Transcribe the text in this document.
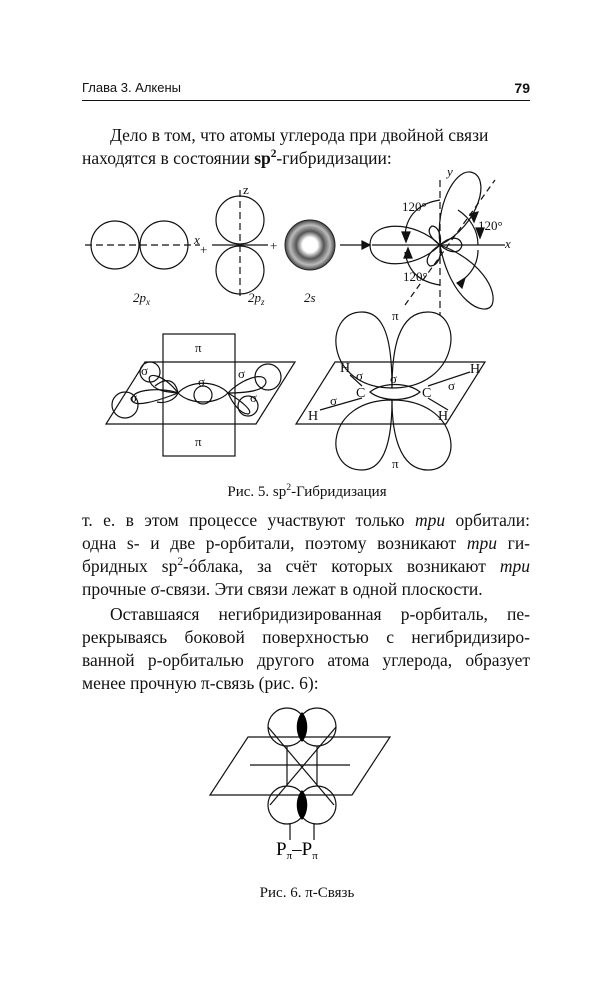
Глава 3. Алкены	79
Дело в том, что атомы углерода при двойной связи
находятся в состоянии $sp^2$-гибридизации:
x
+	+
z
x
y
120°
120°
120°
$2p_x$	$2p_z$	2s
π
π
σ
σ
σ
σ
σ
π
π
C	C
H
H	H
H
σ σ
σ
σ
Рис. 5. $sp^2$-Гибридизация
т. е. в этом процессе участвуют только три орбитали:
одна s- и две p-орбитали, поэтому возникают три ги-
бридных $sp^2$-óблака, за счёт которых возникают три
прочные σ-связи. Эти связи лежат в одной плоскости.
Оставшаяся негибридизированная p-орбиталь, пе-
рекрываясь боковой поверхностью с негибридизиро-
ванной p-орбиталью другого атома углерода, образует
менее прочную π-связь (рис. 6):
$P_\pi-P_\pi$
Рис. 6. π-Связь
